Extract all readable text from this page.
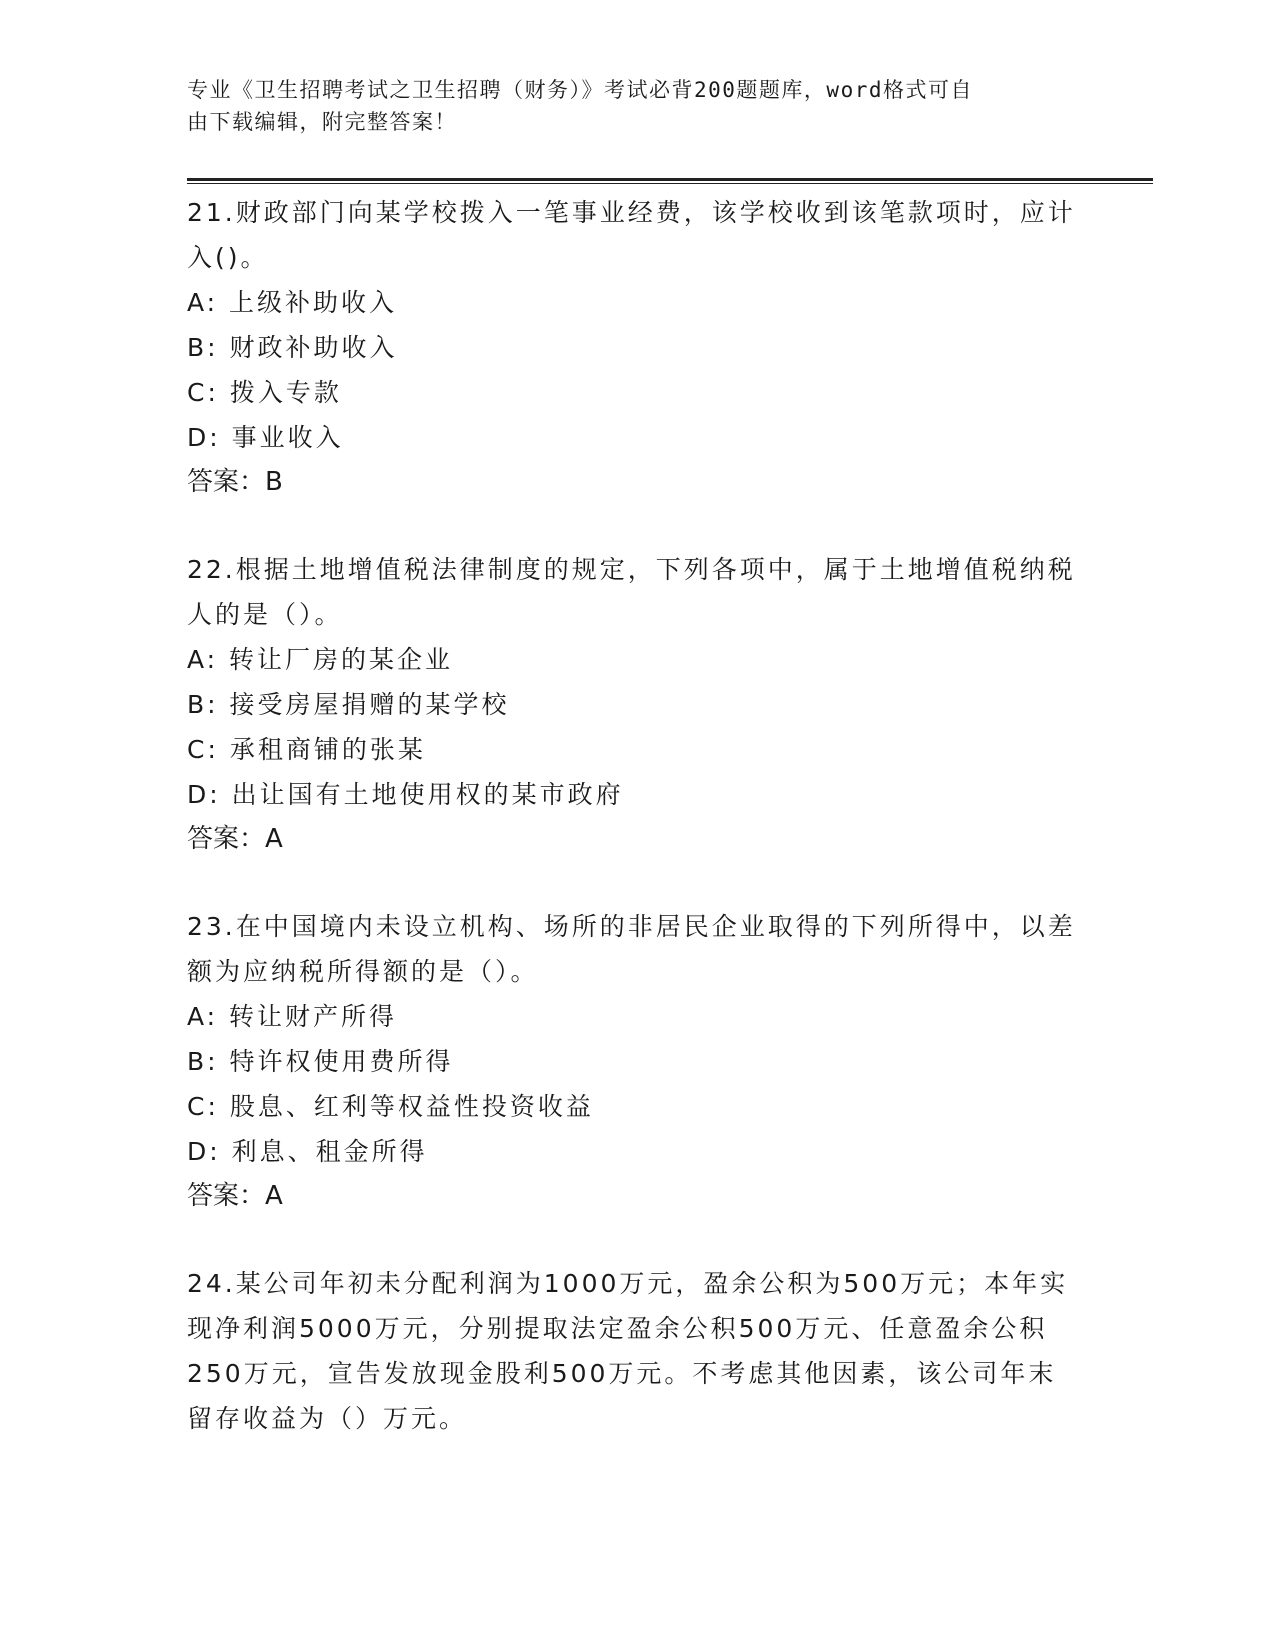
专业《卫生招聘考试之卫生招聘（财务）》考试必背200题题库，word格式可自
由下载编辑，附完整答案！

21.财政部门向某学校拨入一笔事业经费，该学校收到该笔款项时，应计入()。

A: 上级补助收入

B: 财政补助收入

C: 拨入专款

D: 事业收入

答案：B

22.根据土地增值税法律制度的规定，下列各项中，属于土地增值税纳税人的是（）。

A: 转让厂房的某企业

B: 接受房屋捐赠的某学校

C: 承租商铺的张某

D: 出让国有土地使用权的某市政府

答案：A

23.在中国境内未设立机构、场所的非居民企业取得的下列所得中，以差额为应纳税所得额的是（）。

A: 转让财产所得

B: 特许权使用费所得

C: 股息、红利等权益性投资收益

D: 利息、租金所得

答案：A

24.某公司年初未分配利润为1000万元，盈余公积为500万元；本年实现净利润5000万元，分别提取法定盈余公积500万元、任意盈余公积250万元，宣告发放现金股利500万元。不考虑其他因素，该公司年末留存收益为（）万元。
